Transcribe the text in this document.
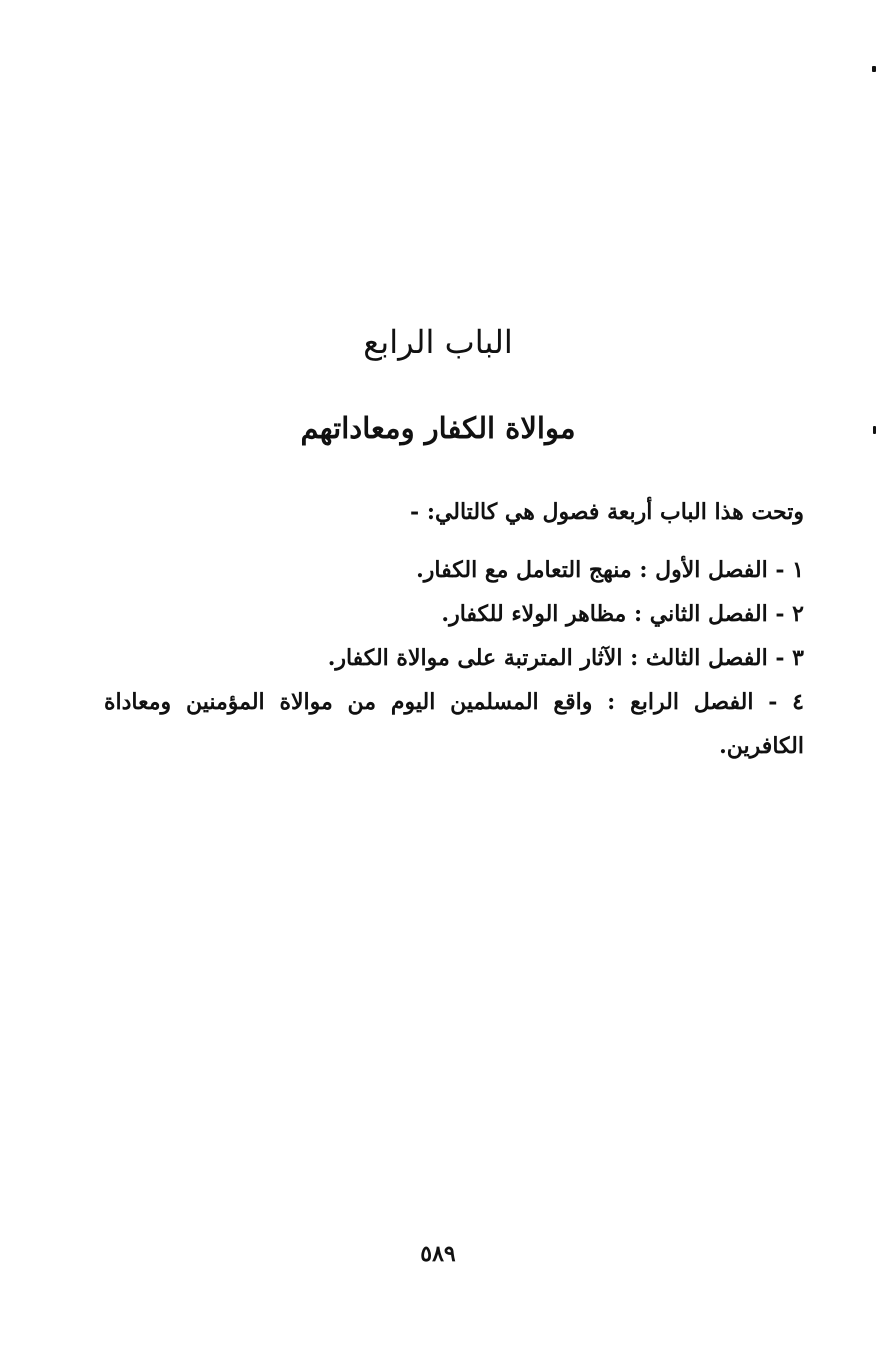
الباب الرابع
موالاة الكفار ومعاداتهم
وتحت هذا الباب أربعة فصول هي كالتالي: -
١ - الفصل الأول : منهج التعامل مع الكفار.
٢ - الفصل الثاني : مظاهر الولاء للكفار.
٣ - الفصل الثالث : الآثار المترتبة على موالاة الكفار.
٤ - الفصل الرابع : واقع المسلمين اليوم من موالاة المؤمنين ومعاداة الكافرين.
٥٨٩
